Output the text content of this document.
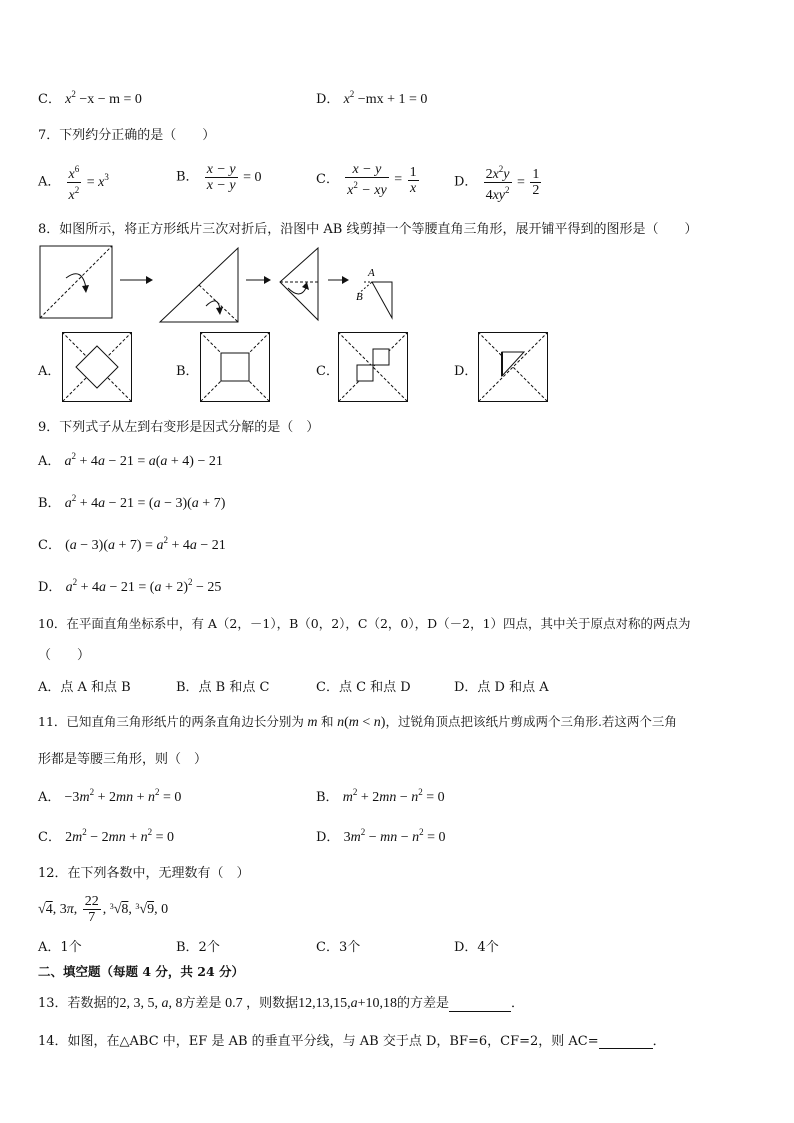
C． $x^2 -x - m = 0$	D． $x^2 -mx + 1 = 0$
7．下列约分正确的是（　　）
A． $\frac{x^6}{x^2} = x^3$	B． $\frac{x - y}{x - y} = 0$	C． $\frac{x - y}{x^2 - xy} = \frac{1}{x}$	D． $\frac{2x^2y}{4xy^2} = \frac{1}{2}$
8．如图所示，将正方形纸片三次对折后，沿图中 AB 线剪掉一个等腰直角三角形，展开铺平得到的图形是（　　）
A
B
A．	B．	C．	D．
9．下列式子从左到右变形是因式分解的是（　）
A． $a^2 + 4a - 21 = a(a + 4) - 21$
B． $a^2 + 4a - 21 = (a - 3)(a + 7)$
C． $(a - 3)(a + 7) = a^2 + 4a - 21$
D． $a^2 + 4a - 21 = (a + 2)^2 - 25$
10．在平面直角坐标系中，有 A（2，－1），B（0，2），C（2，0），D（－2，1）四点，其中关于原点对称的两点为
（　　）
A．点 A 和点 B	B．点 B 和点 C	C．点 C 和点 D	D．点 D 和点 A
11．已知直角三角形纸片的两条直角边长分别为 m 和 n(m < n)，过锐角顶点把该纸片剪成两个三角形.若这两个三角
形都是等腰三角形，则（　）
A． $-3m^2 + 2mn + n^2 = 0$	B． $m^2 + 2mn - n^2 = 0$
C． $2m^2 - 2mn + n^2 = 0$	D． $3m^2$ − mn − $n^2 = 0$
12．在下列各数中，无理数有（　）
√4, 3π, $\frac{22}{7}$ , $^3$√8, $^3$√9, 0
A．1个	B．2个	C．3个	D．4个
二、填空题（每题 4 分，共 24 分）
13．若数据的2, 3, 5, a, 8方差是 0.7 ，则数据12,13,15,a+10,18的方差是	．
14．如图，在△ABC 中，EF 是 AB 的垂直平分线，与 AB 交于点 D，BF=6，CF=2，则 AC=	．
